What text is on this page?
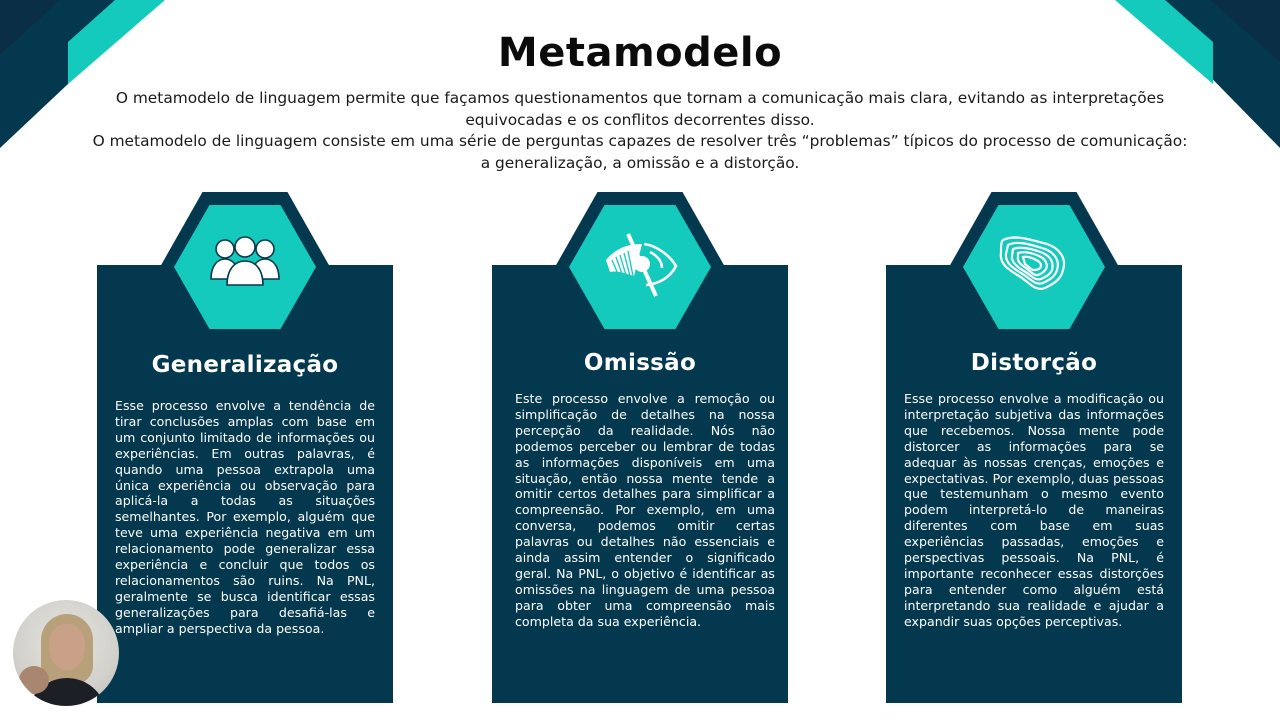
Metamodelo

O metamodelo de linguagem permite que façamos questionamentos que tornam a comunicação mais clara, evitando as interpretações

equivocadas e os conflitos decorrentes disso.

O metamodelo de linguagem consiste em uma série de perguntas capazes de resolver três “problemas” típicos do processo de comunicação:

a generalização, a omissão e a distorção.

Generalização
Esse processo envolve a tendência de tirar conclusões amplas com base em um conjunto limitado de informações ou experiências. Em outras palavras, é quando uma pessoa extrapola uma única experiência ou observação para aplicá-la a todas as situações semelhantes. Por exemplo, alguém que teve uma experiência negativa em um relacionamento pode generalizar essa experiência e concluir que todos os relacionamentos são ruins. Na PNL, geralmente se busca identificar essas generalizações para desafiá-las e ampliar a perspectiva da pessoa.
Omissão
Este processo envolve a remoção ou simplificação de detalhes na nossa percepção da realidade. Nós não podemos perceber ou lembrar de todas as informações disponíveis em uma situação, então nossa mente tende a omitir certos detalhes para simplificar a compreensão. Por exemplo, em uma conversa, podemos omitir certas palavras ou detalhes não essenciais e ainda assim entender o significado geral. Na PNL, o objetivo é identificar as omissões na linguagem de uma pessoa para obter uma compreensão mais completa da sua experiência.
Distorção
Esse processo envolve a modificação ou interpretação subjetiva das informações que recebemos. Nossa mente pode distorcer as informações para se adequar às nossas crenças, emoções e expectativas. Por exemplo, duas pessoas que testemunham o mesmo evento podem interpretá-lo de maneiras diferentes com base em suas experiências passadas, emoções e perspectivas pessoais. Na PNL, é importante reconhecer essas distorções para entender como alguém está interpretando sua realidade e ajudar a expandir suas opções perceptivas.
